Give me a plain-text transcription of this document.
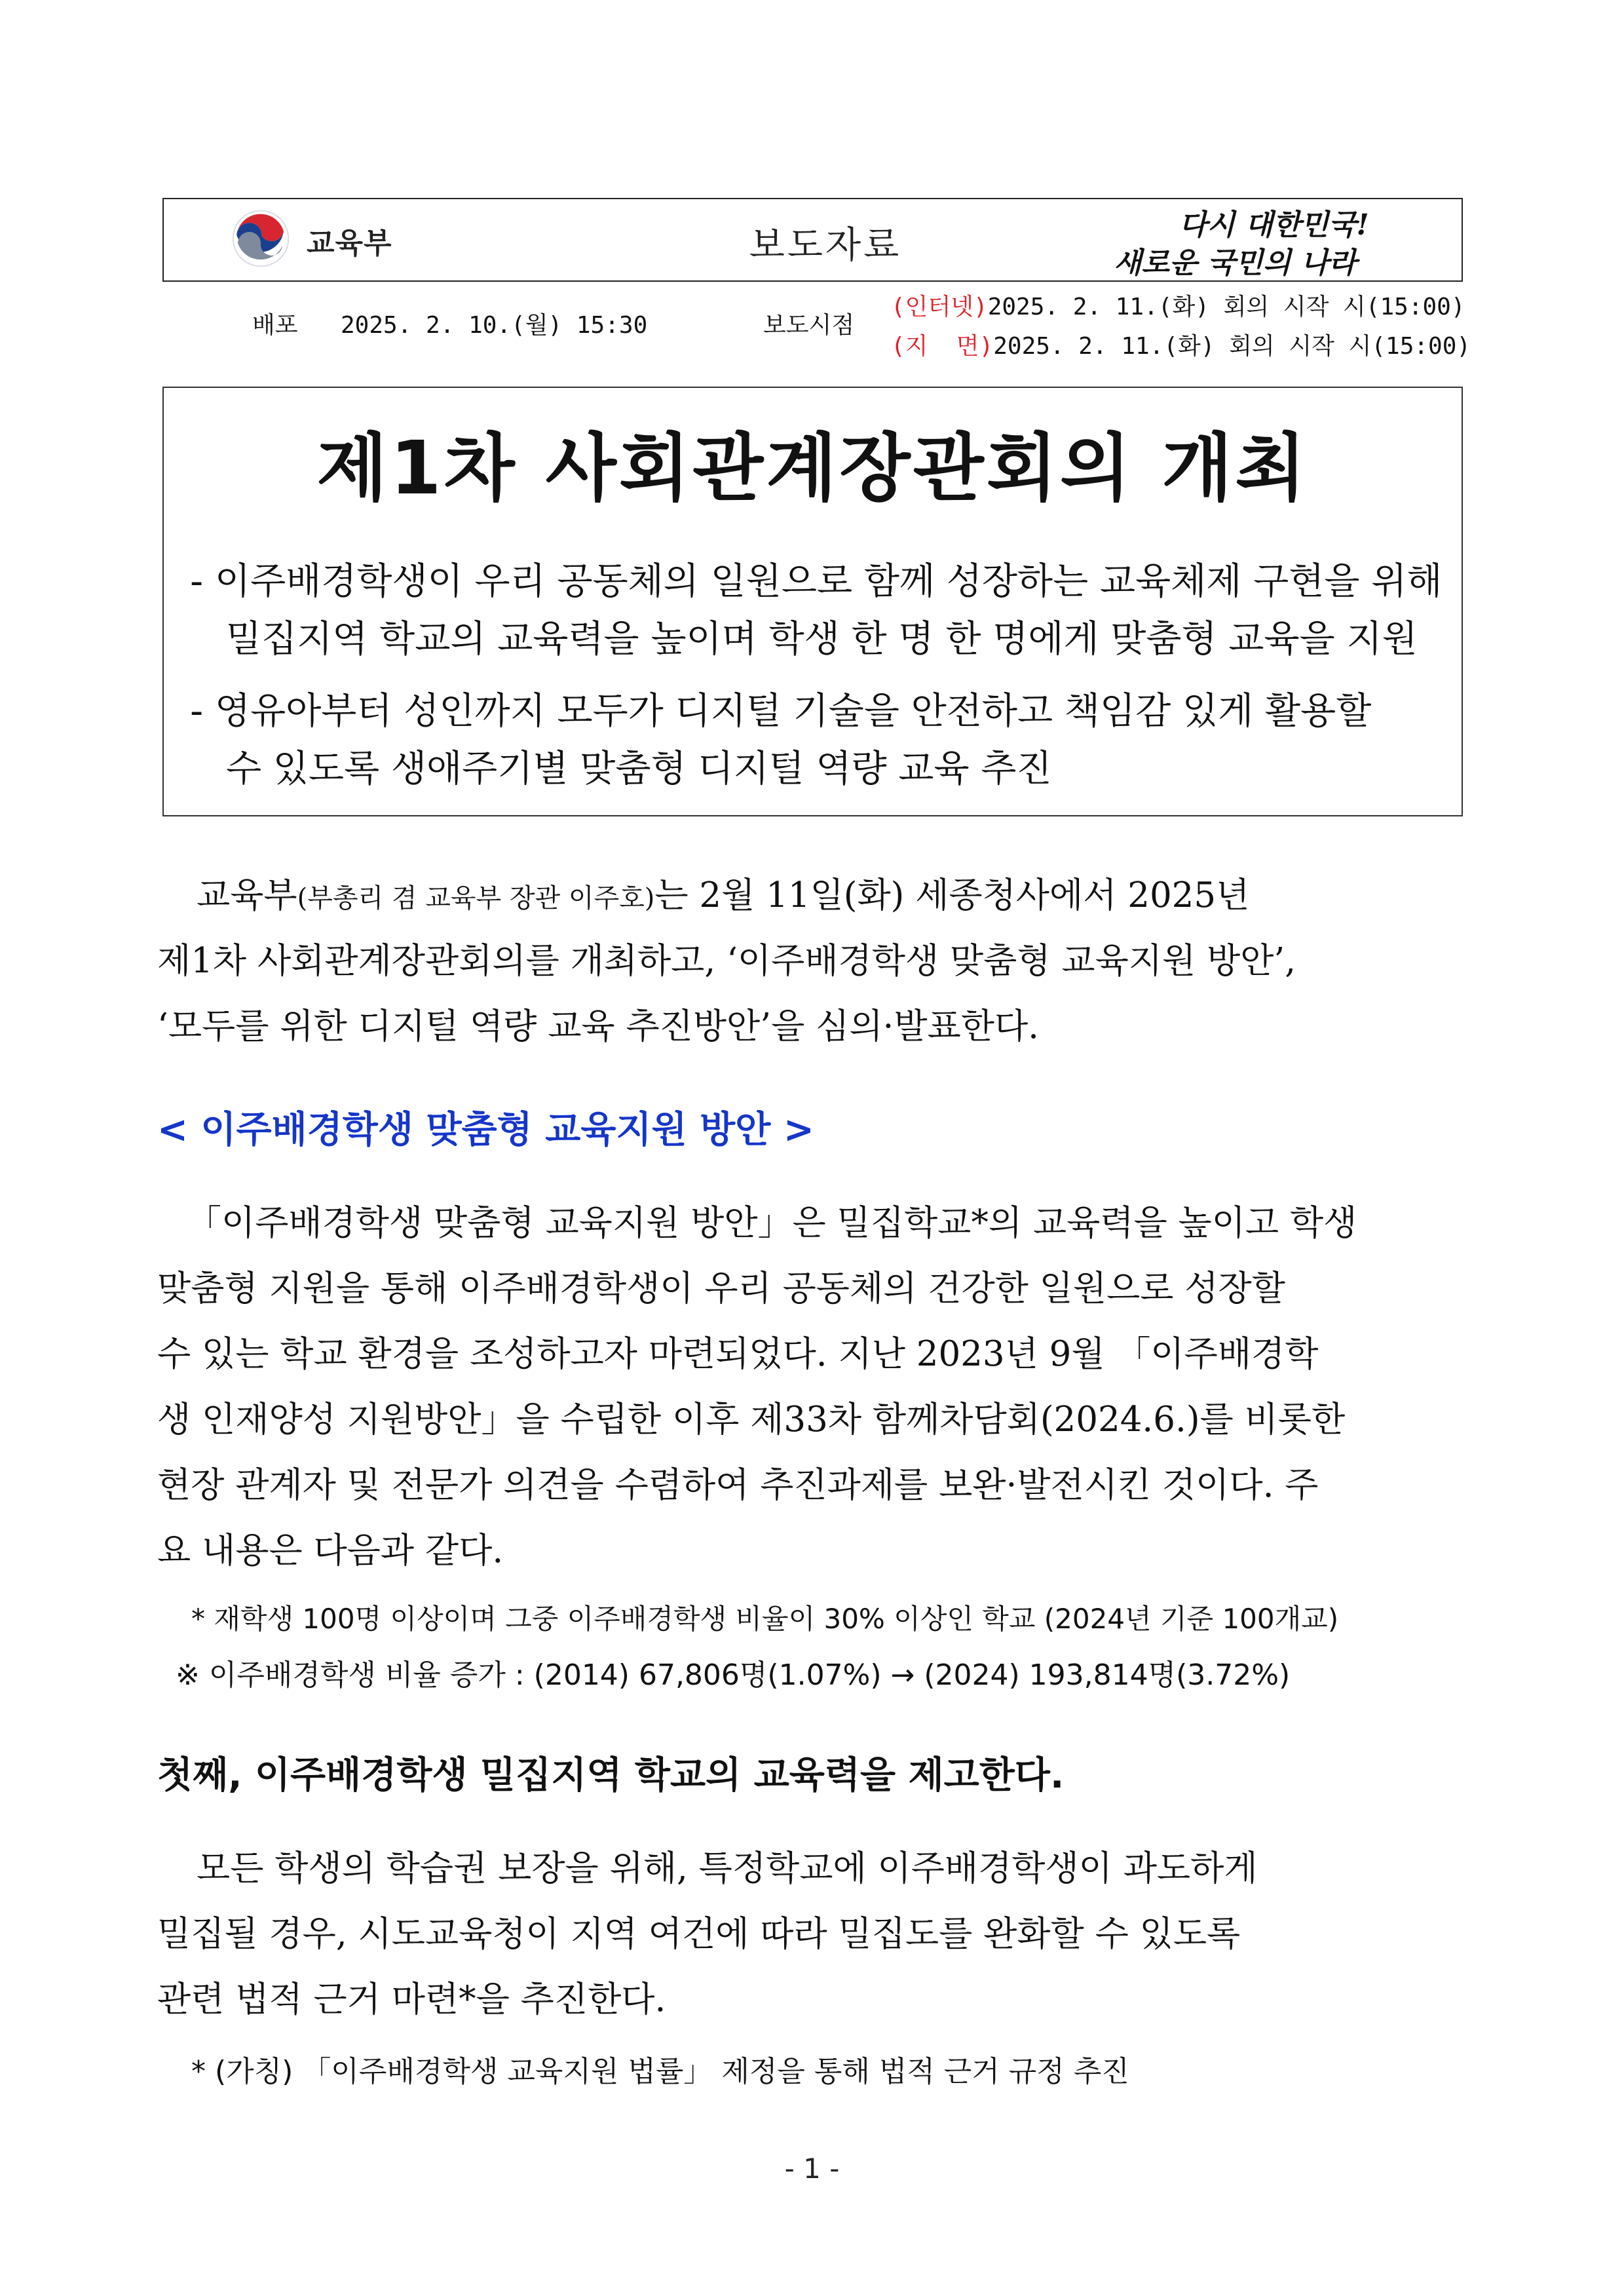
교육부	보도자료	다시 대한민국!
새로운 국민의 나라
배포 2025. 2. 10.(월) 15:30	보도시점
(인터넷)2025. 2. 11.(화) 회의 시작 시(15:00)
(지  면)2025. 2. 11.(화) 회의 시작 시(15:00)
제1차 사회관계장관회의 개최
- 이주배경학생이 우리 공동체의 일원으로 함께 성장하는 교육체제 구현을 위해
밀집지역 학교의 교육력을 높이며 학생 한 명 한 명에게 맞춤형 교육을 지원
- 영유아부터 성인까지 모두가 디지털 기술을 안전하고 책임감 있게 활용할
수 있도록 생애주기별 맞춤형 디지털 역량 교육 추진
교육부(부총리 겸 교육부 장관 이주호)는 2월 11일(화) 세종청사에서 2025년
제1차 사회관계장관회의를 개최하고, ‘이주배경학생 맞춤형 교육지원 방안’,
‘모두를 위한 디지털 역량 교육 추진방안’을 심의·발표한다.
< 이주배경학생 맞춤형 교육지원 방안 >
「이주배경학생 맞춤형 교육지원 방안」은 밀집학교*의 교육력을 높이고 학생
맞춤형 지원을 통해 이주배경학생이 우리 공동체의 건강한 일원으로 성장할
수 있는 학교 환경을 조성하고자 마련되었다. 지난 2023년 9월 「이주배경학
생 인재양성 지원방안」을 수립한 이후 제33차 함께차담회(2024.6.)를 비롯한
현장 관계자 및 전문가 의견을 수렴하여 추진과제를 보완·발전시킨 것이다. 주
요 내용은 다음과 같다.
* 재학생 100명 이상이며 그중 이주배경학생 비율이 30% 이상인 학교 (2024년 기준 100개교)
※ 이주배경학생 비율 증가 : (2014) 67,806명(1.07%) → (2024) 193,814명(3.72%)
첫째, 이주배경학생 밀집지역 학교의 교육력을 제고한다.
모든 학생의 학습권 보장을 위해, 특정학교에 이주배경학생이 과도하게
밀집될 경우, 시도교육청이 지역 여건에 따라 밀집도를 완화할 수 있도록
관련 법적 근거 마련*을 추진한다.
* (가칭) 「이주배경학생 교육지원 법률」 제정을 통해 법적 근거 규정 추진
- 1 -
